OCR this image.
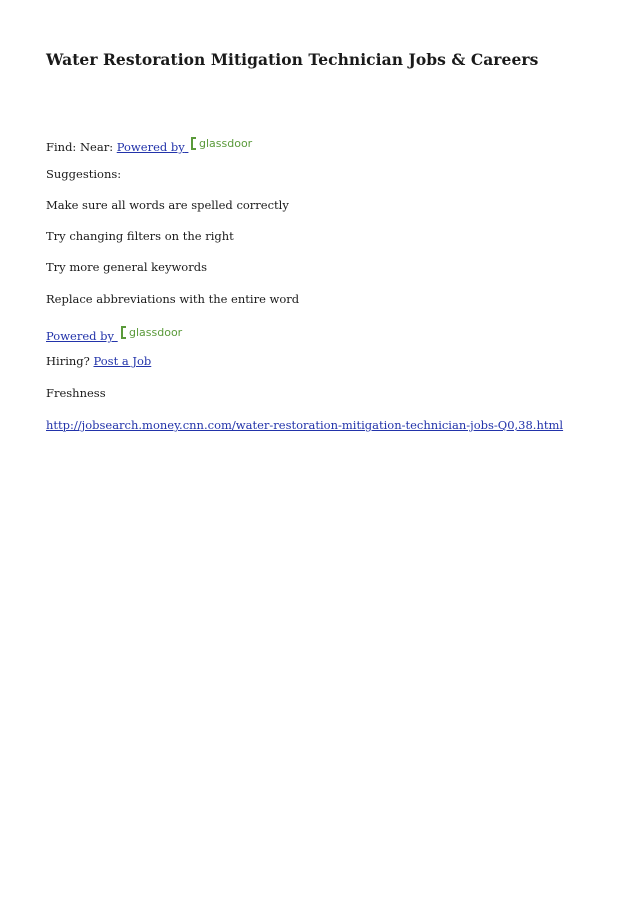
Water Restoration Mitigation Technician Jobs & Careers

Find: Near: Powered by glassdoor

Suggestions:

Make sure all words are spelled correctly

Try changing filters on the right

Try more general keywords

Replace abbreviations with the entire word

Powered by glassdoor

Hiring? Post a Job

Freshness

http://jobsearch.money.cnn.com/water-restoration-mitigation-technician-jobs-Q0,38.html
